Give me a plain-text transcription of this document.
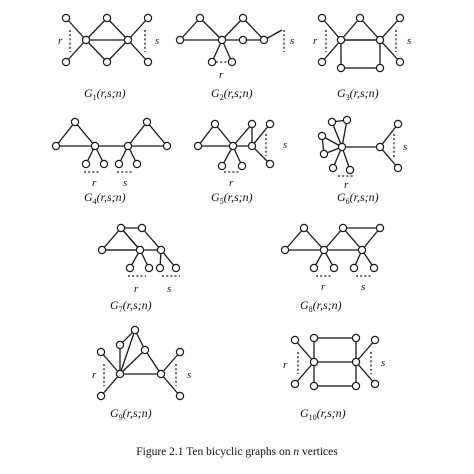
r	s
r
s r	s
r s	r
s
r
s
r	s	r	s
r	s
r	s
$G_1(r,s;n)$	$G_2(r,s;n)$	$G_3(r,s;n)$
$G_4(r,s;n)$	$G_5(r,s;n)$	$G_6(r,s;n)$
$G_7(r,s;n)$	$G_8(r,s;n)$
$G_9(r,s;n)$	$G_{10}(r,s;n)$
Figure 2.1 Ten bicyclic graphs on n vertices
